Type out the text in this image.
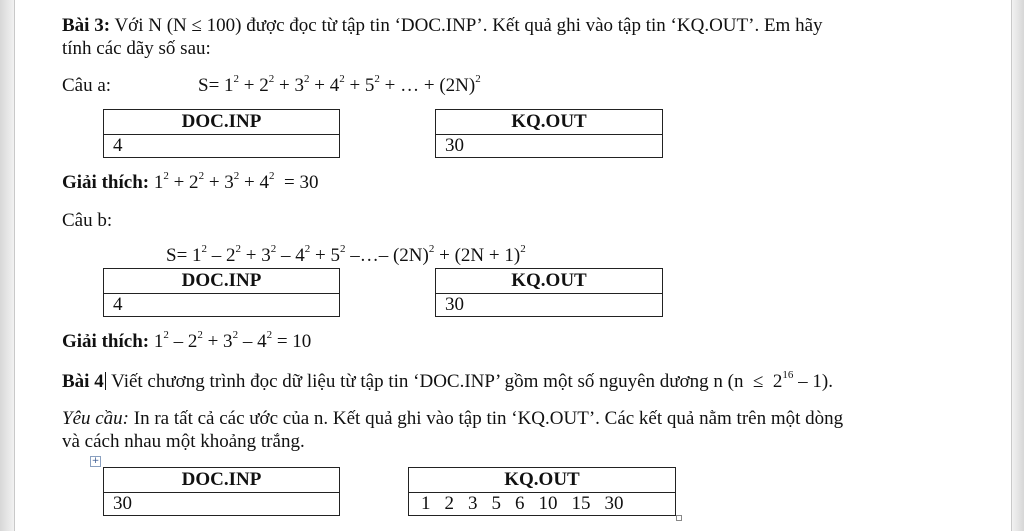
Bài 3: Với N (N ≤ 100) được đọc từ tập tin ‘DOC.INP’. Kết quả ghi vào tập tin ‘KQ.OUT’. Em hãy
tính các dãy số sau:
Câu a:	$S= 1^2 + 2^2 + 3^2 + 4^2 + 5^2$ + … + $(2N)^2$
DOC.INP
4
KQ.OUT
30
Giải thích: $1^2 + 2^2 + 3^2 + 4^2 = 30$
Câu b:
$S= 1^2 - 2^2 + 3^2 - 4^2 + 5^2$ –…– $(2N)^2 + (2N + 1)^2$
DOC.INP
4
KQ.OUT
30
Giải thích: $1^2 - 2^2 + 3^2 - 4^2 = 10$
Bài 4 Viết chương trình đọc dữ liệu từ tập tin ‘DOC.INP’ gồm một số nguyên dương n $(n \le 2^{16} - 1)$.
Yêu cầu: In ra tất cả các ước của n. Kết quả ghi vào tập tin ‘KQ.OUT’. Các kết quả nằm trên một dòng
và cách nhau một khoảng trắng.
+
DOC.INP
30
KQ.OUT
1 2 3 5 6 10 15 30
